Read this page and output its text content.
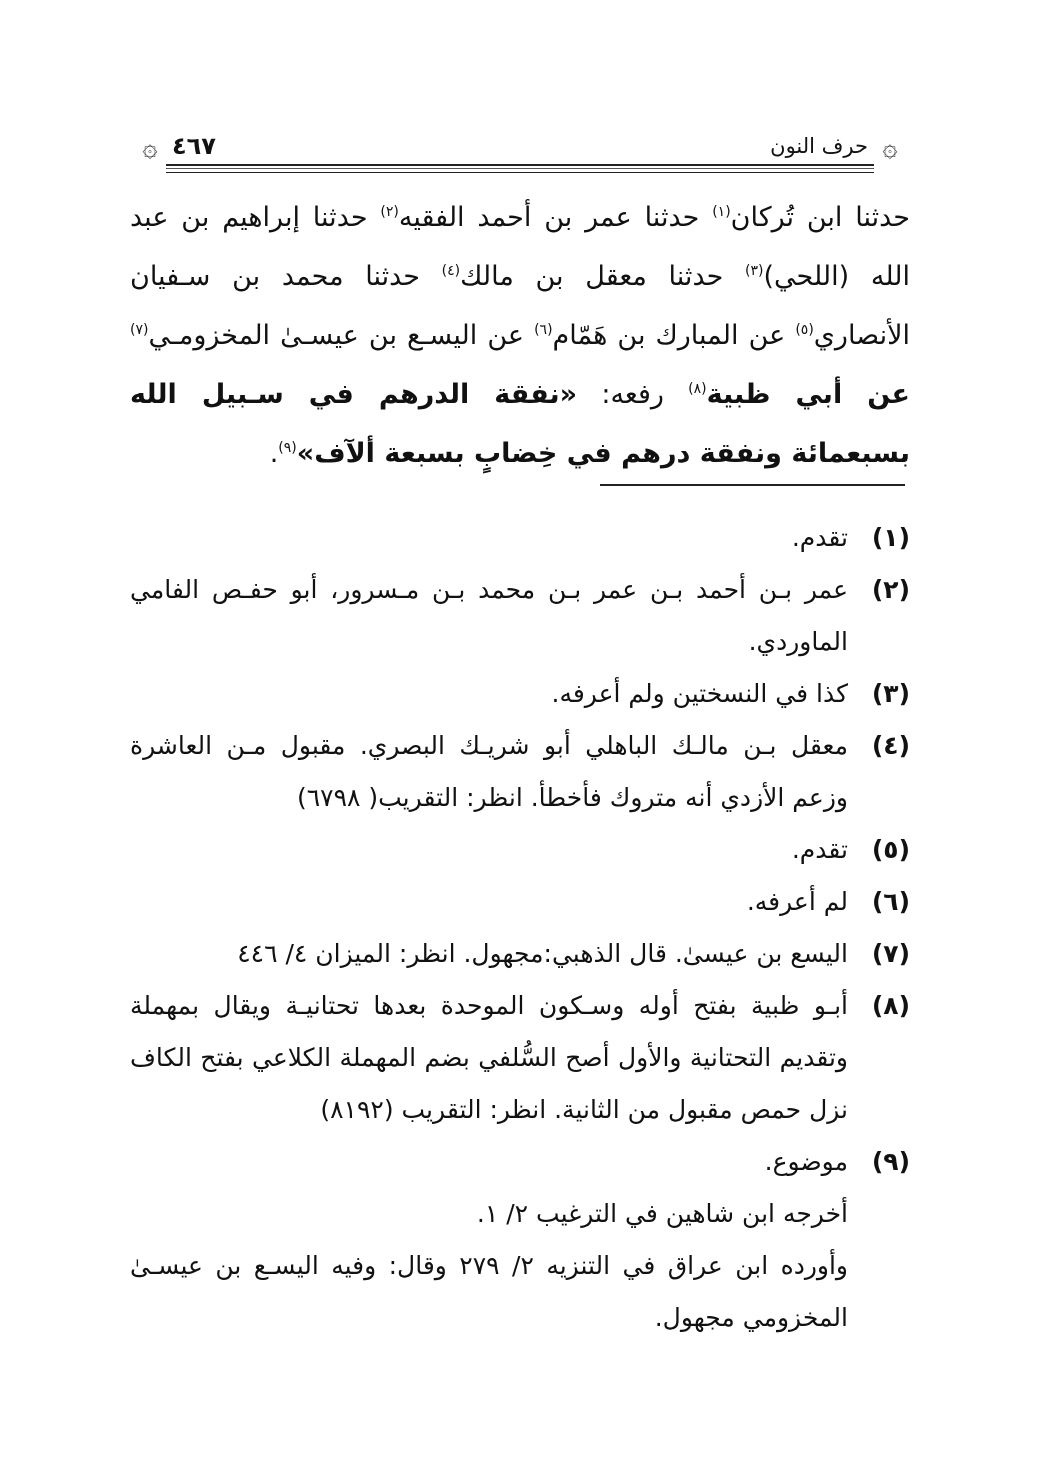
۞
حرف النون
٤٦٧
۞

حدثنا ابن تُركان$^{(١)}$ حدثنا عمر بن أحمد الفقيه$^{(٢)}$ حدثنا إبراهيم بن عبد الله (اللحي)$^{(٣)}$ حدثنا معقل بن مالك$^{(٤)}$ حدثنا محمد بن سـفيان الأنصاري$^{(٥)}$ عن المبارك بن هَمّام$^{(٦)}$ عن اليسـع بن عيسـىٰ المخزومـي$^{(٧)}$ عن أبي ظبية$^{(٨)}$ رفعه: «نفقة الدرهم في سـبيل الله بسبعمائة ونفقة درهم في خِضابٍ بسبعة ألآف»$^{(٩)}$.

(١)
تقدم.
(٢)
عمر بـن أحمد بـن عمر بـن محمد بـن مـسرور، أبو حفـص الفامي الماوردي.
(٣)
كذا في النسختين ولم أعرفه.
(٤)
معقل بـن مالـك الباهلي أبو شريـك البصري. مقبول مـن العاشرة وزعم الأزدي أنه متروك فأخطأ. انظر: التقريب( ٦٧٩٨)
(٥)
تقدم.
(٦)
لم أعرفه.
(٧)
اليسع بن عيسىٰ. قال الذهبي:مجهول. انظر: الميزان ٤/ ٤٤٦
(٨)
أبـو ظبية بفتح أوله وسـكون الموحدة بعدها تحتانيـة ويقال بمهملة وتقديم التحتانية والأول أصح السُّلفي بضم المهملة الكلاعي بفتح الكاف نزل حمص مقبول من الثانية. انظر: التقريب (٨١٩٢)
(٩)
موضوع.
أخرجه ابن شاهين في الترغيب ٢/ ١.
وأورده ابن عراق في التنزيه ٢/ ٢٧٩ وقال: وفيه اليسـع بن عيسـىٰ المخزومي مجهول.
